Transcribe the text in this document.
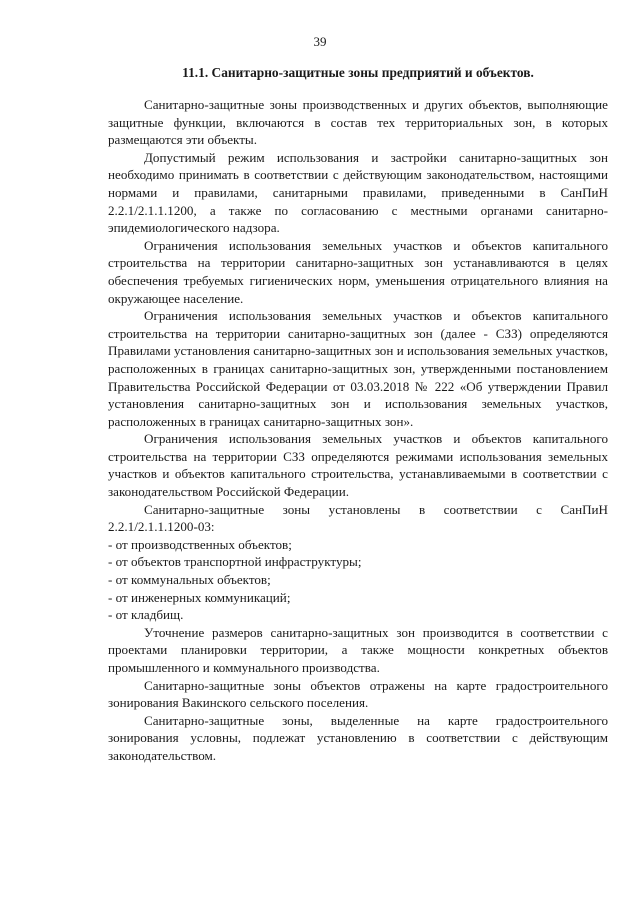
39

11.1. Санитарно-защитные зоны предприятий и объектов.

Санитарно-защитные зоны производственных и других объектов, выполняющие защитные функции, включаются в состав тех территориальных зон, в которых размещаются эти объекты.

Допустимый режим использования и застройки санитарно-защитных зон необходимо принимать в соответствии с действующим законодательством, настоящими нормами и правилами, санитарными правилами, приведенными в СанПиН 2.2.1/2.1.1.1200, а также по согласованию с местными органами санитарно-эпидемиологического надзора.

Ограничения использования земельных участков и объектов капитального строительства на территории санитарно-защитных зон устанавливаются в целях обеспечения требуемых гигиенических норм, уменьшения отрицательного влияния на окружающее население.

Ограничения использования земельных участков и объектов капитального строительства на территории санитарно-защитных зон (далее - СЗЗ) определяются Правилами установления санитарно-защитных зон и использования земельных участков, расположенных в границах санитарно-защитных зон, утвержденными постановлением Правительства Российской Федерации от 03.03.2018 № 222 «Об утверждении Правил установления санитарно-защитных зон и использования земельных участков, расположенных в границах санитарно-защитных зон».

Ограничения использования земельных участков и объектов капитального строительства на территории СЗЗ определяются режимами использования земельных участков и объектов капитального строительства, устанавливаемыми в соответствии с законодательством Российской Федерации.

Санитарно-защитные зоны установлены в соответствии с СанПиН 2.2.1/2.1.1.1200-03:

- от производственных объектов;
- от объектов транспортной инфраструктуры;
- от коммунальных объектов;
- от инженерных коммуникаций;
- от кладбищ.

Уточнение размеров санитарно-защитных зон производится в соответствии с проектами планировки территории, а также мощности конкретных объектов промышленного и коммунального производства.

Санитарно-защитные зоны объектов отражены на карте градостроительного зонирования Вакинского сельского поселения.

Санитарно-защитные зоны, выделенные на карте градостроительного зонирования условны, подлежат установлению в соответствии с действующим законодательством.
